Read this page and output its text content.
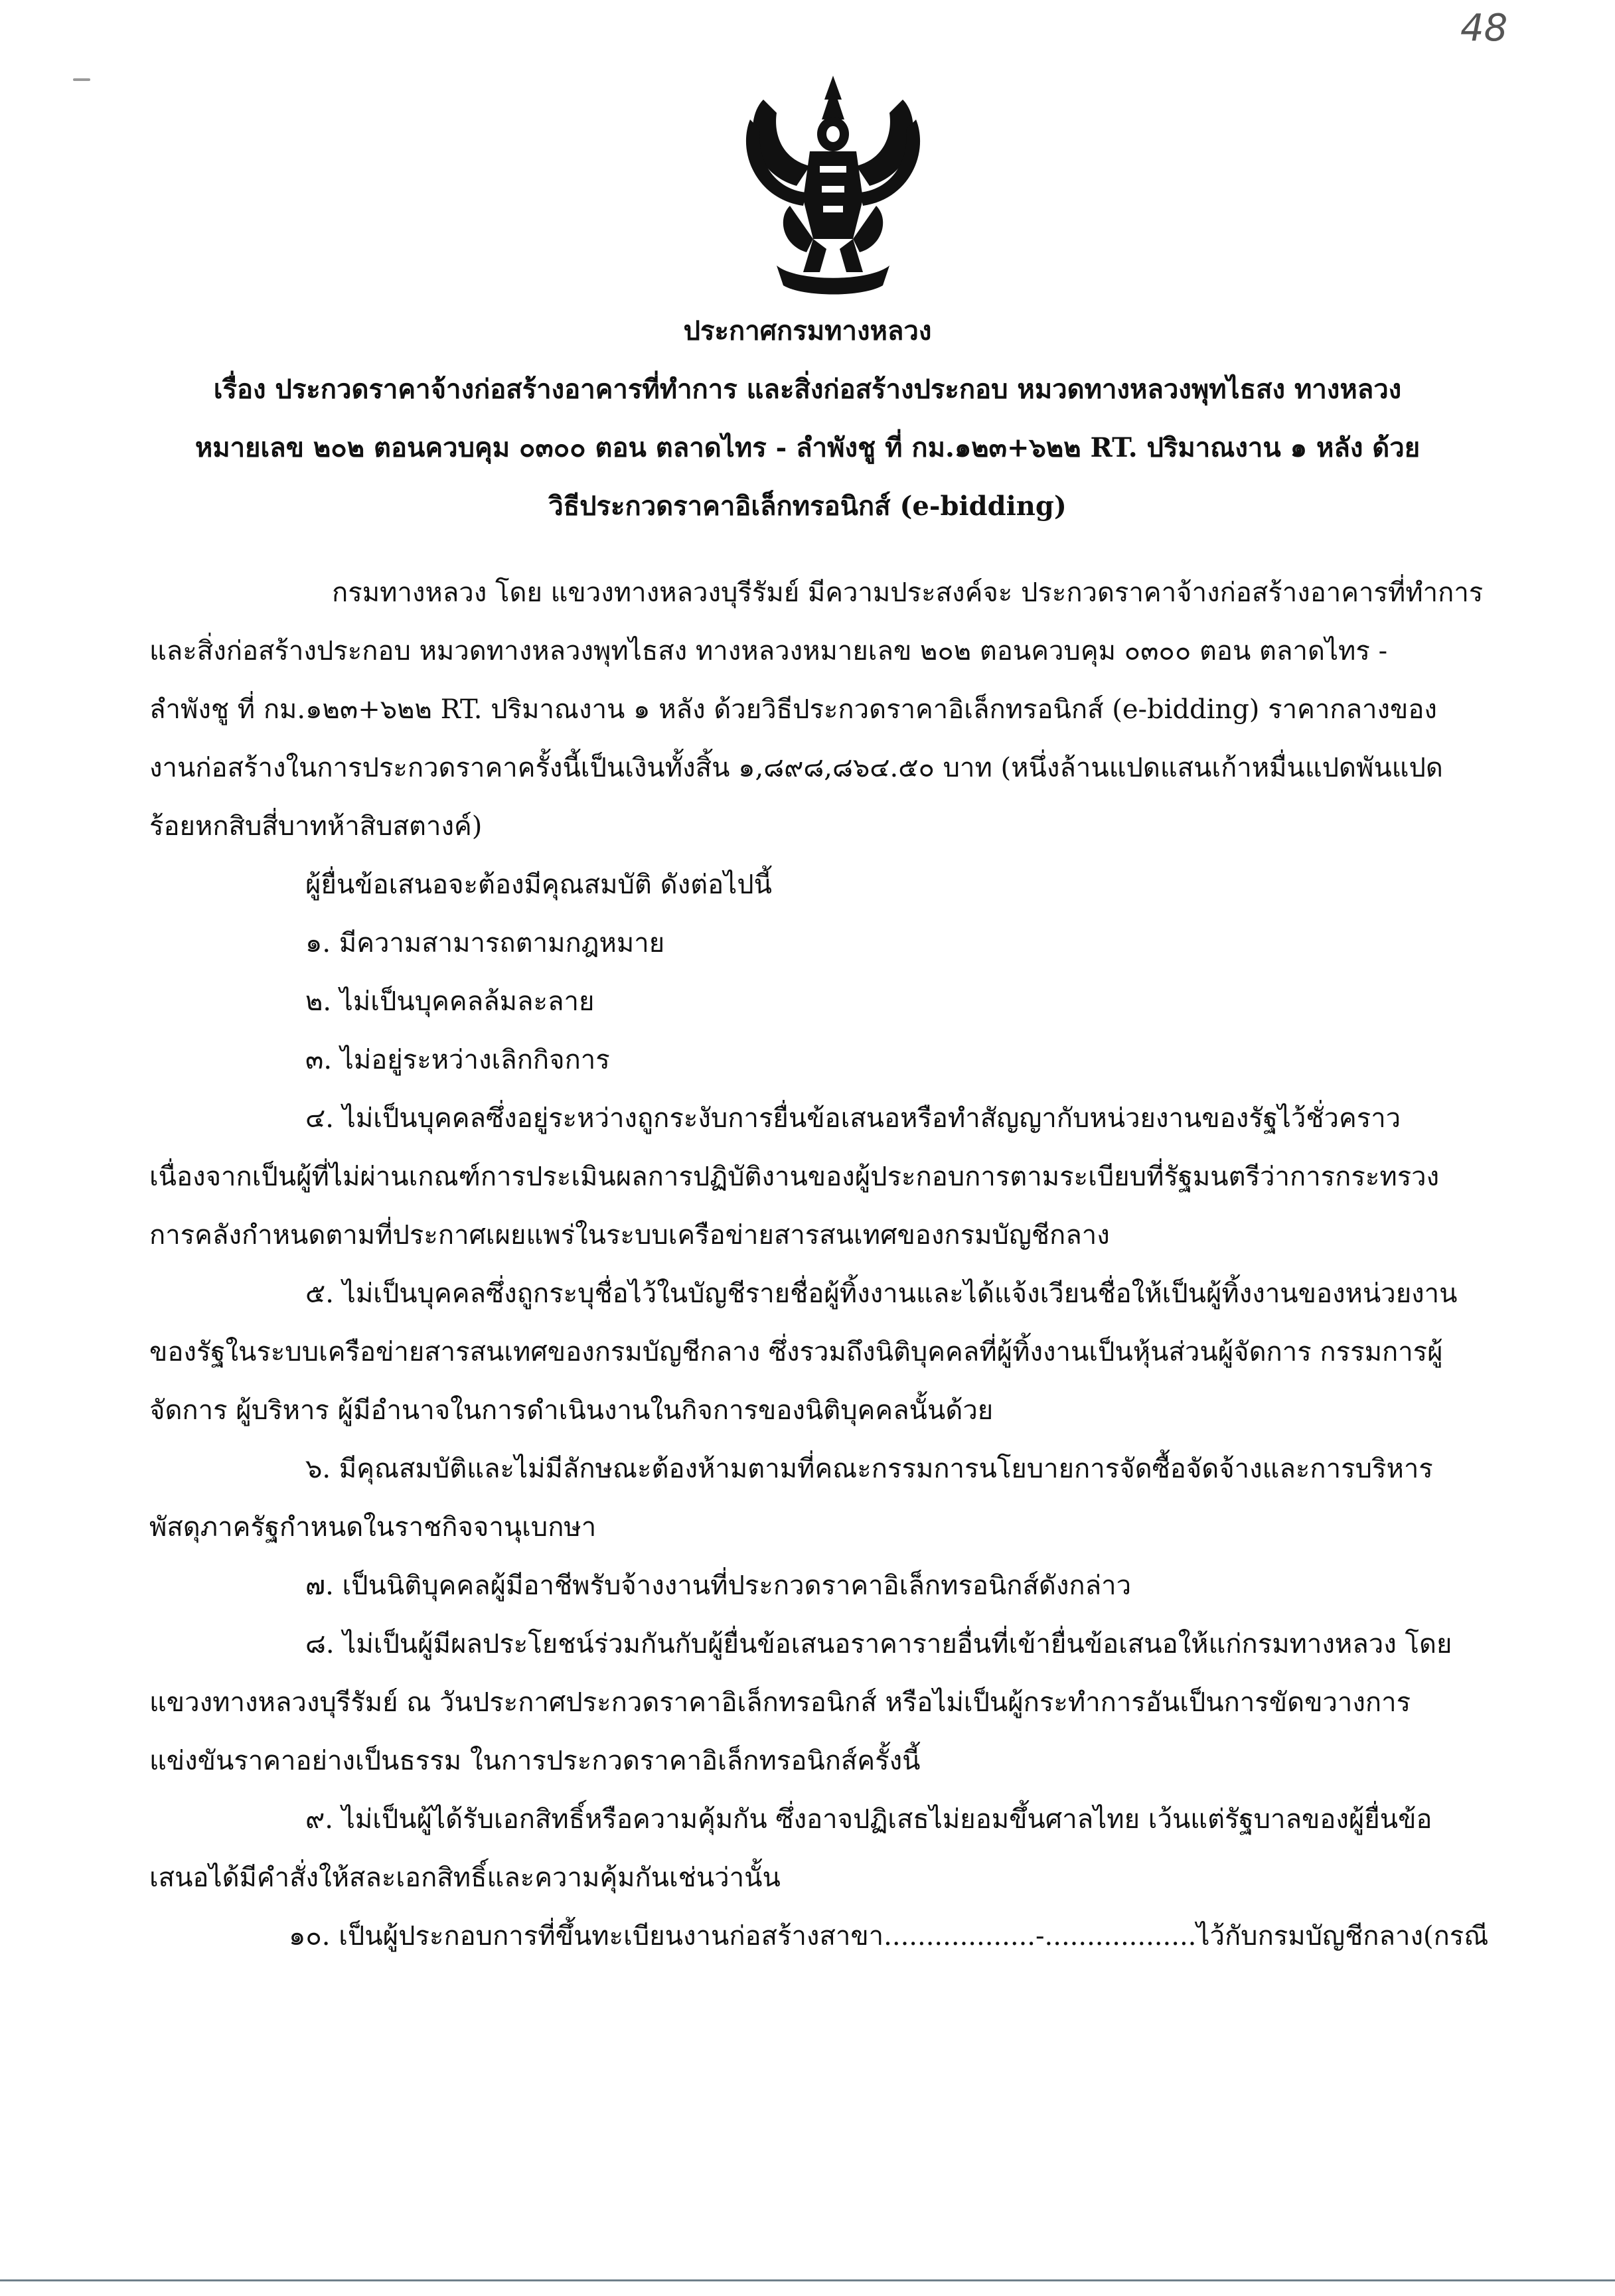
48
ประกาศกรมทางหลวง
เรื่อง ประกวดราคาจ้างก่อสร้างอาคารที่ทำการ และสิ่งก่อสร้างประกอบ หมวดทางหลวงพุทไธสง ทางหลวง
หมายเลข ๒๐๒ ตอนควบคุม ๐๓๐๐ ตอน ตลาดไทร - ลำพังชู ที่ กม.๑๒๓+๖๒๒ RT. ปริมาณงาน ๑ หลัง ด้วย
วิธีประกวดราคาอิเล็กทรอนิกส์ (e-bidding)
กรมทางหลวง โดย แขวงทางหลวงบุรีรัมย์ มีความประสงค์จะ ประกวดราคาจ้างก่อสร้างอาคารที่ทำการ
และสิ่งก่อสร้างประกอบ หมวดทางหลวงพุทไธสง ทางหลวงหมายเลข ๒๐๒ ตอนควบคุม ๐๓๐๐ ตอน ตลาดไทร -
ลำพังชู ที่ กม.๑๒๓+๖๒๒ RT. ปริมาณงาน ๑ หลัง ด้วยวิธีประกวดราคาอิเล็กทรอนิกส์ (e-bidding) ราคากลางของ
งานก่อสร้างในการประกวดราคาครั้งนี้เป็นเงินทั้งสิ้น ๑,๘๙๘,๘๖๔.๕๐ บาท (หนึ่งล้านแปดแสนเก้าหมื่นแปดพันแปด
ร้อยหกสิบสี่บาทห้าสิบสตางค์)
ผู้ยื่นข้อเสนอจะต้องมีคุณสมบัติ ดังต่อไปนี้
๑. มีความสามารถตามกฎหมาย
๒. ไม่เป็นบุคคลล้มละลาย
๓. ไม่อยู่ระหว่างเลิกกิจการ
๔. ไม่เป็นบุคคลซึ่งอยู่ระหว่างถูกระงับการยื่นข้อเสนอหรือทำสัญญากับหน่วยงานของรัฐไว้ชั่วคราว
เนื่องจากเป็นผู้ที่ไม่ผ่านเกณฑ์การประเมินผลการปฏิบัติงานของผู้ประกอบการตามระเบียบที่รัฐมนตรีว่าการกระทรวง
การคลังกำหนดตามที่ประกาศเผยแพร่ในระบบเครือข่ายสารสนเทศของกรมบัญชีกลาง
๕. ไม่เป็นบุคคลซึ่งถูกระบุชื่อไว้ในบัญชีรายชื่อผู้ทิ้งงานและได้แจ้งเวียนชื่อให้เป็นผู้ทิ้งงานของหน่วยงาน
ของรัฐในระบบเครือข่ายสารสนเทศของกรมบัญชีกลาง ซึ่งรวมถึงนิติบุคคลที่ผู้ทิ้งงานเป็นหุ้นส่วนผู้จัดการ กรรมการผู้
จัดการ ผู้บริหาร ผู้มีอำนาจในการดำเนินงานในกิจการของนิติบุคคลนั้นด้วย
๖. มีคุณสมบัติและไม่มีลักษณะต้องห้ามตามที่คณะกรรมการนโยบายการจัดซื้อจัดจ้างและการบริหาร
พัสดุภาครัฐกำหนดในราชกิจจานุเบกษา
๗. เป็นนิติบุคคลผู้มีอาชีพรับจ้างงานที่ประกวดราคาอิเล็กทรอนิกส์ดังกล่าว
๘. ไม่เป็นผู้มีผลประโยชน์ร่วมกันกับผู้ยื่นข้อเสนอราคารายอื่นที่เข้ายื่นข้อเสนอให้แก่กรมทางหลวง โดย
แขวงทางหลวงบุรีรัมย์ ณ วันประกาศประกวดราคาอิเล็กทรอนิกส์ หรือไม่เป็นผู้กระทำการอันเป็นการขัดขวางการ
แข่งขันราคาอย่างเป็นธรรม ในการประกวดราคาอิเล็กทรอนิกส์ครั้งนี้
๙. ไม่เป็นผู้ได้รับเอกสิทธิ์หรือความคุ้มกัน ซึ่งอาจปฏิเสธไม่ยอมขึ้นศาลไทย เว้นแต่รัฐบาลของผู้ยื่นข้อ
เสนอได้มีคำสั่งให้สละเอกสิทธิ์และความคุ้มกันเช่นว่านั้น
๑๐. เป็นผู้ประกอบการที่ขึ้นทะเบียนงานก่อสร้างสาขา..................-..................ไว้กับกรมบัญชีกลาง(กรณี
